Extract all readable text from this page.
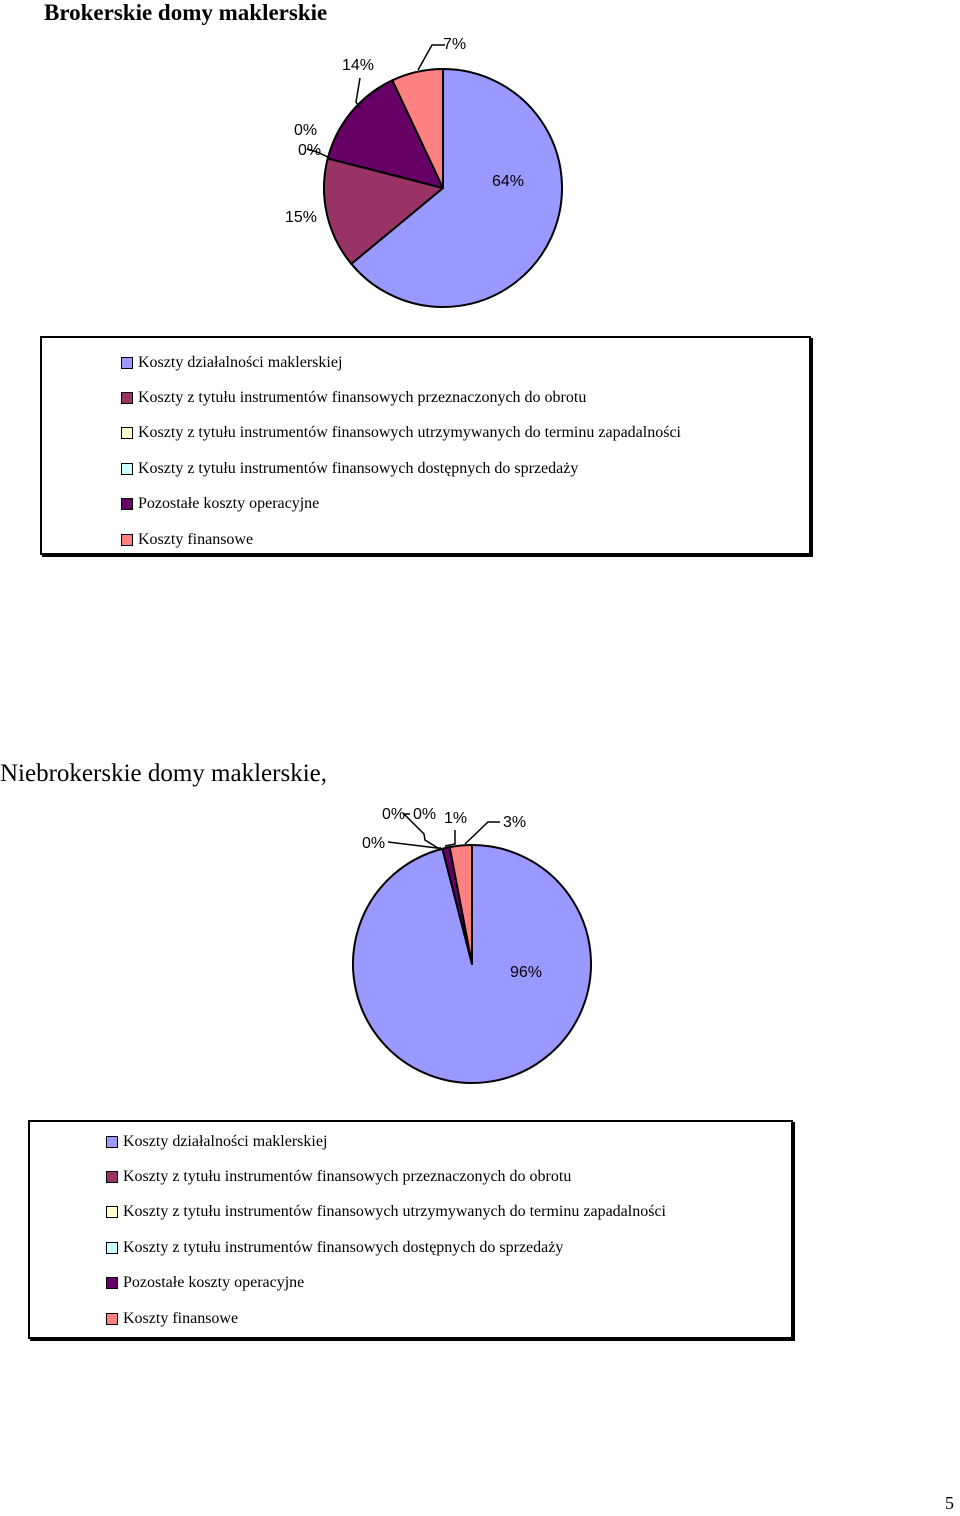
Brokerskie domy maklerskie
64%
15%
0%
0%
14%
7%
Koszty działalności maklerskiej
Koszty z tytułu instrumentów finansowych przeznaczonych do obrotu
Koszty z tytułu instrumentów finansowych utrzymywanych do terminu zapadalności
Koszty z tytułu instrumentów finansowych dostępnych do sprzedaży
Pozostałe koszty operacyjne
Koszty finansowe
Niebrokerskie domy maklerskie,
96%
0%
0% 0% 1% 3%
Koszty działalności maklerskiej
Koszty z tytułu instrumentów finansowych przeznaczonych do obrotu
Koszty z tytułu instrumentów finansowych utrzymywanych do terminu zapadalności
Koszty z tytułu instrumentów finansowych dostępnych do sprzedaży
Pozostałe koszty operacyjne
Koszty finansowe
5
